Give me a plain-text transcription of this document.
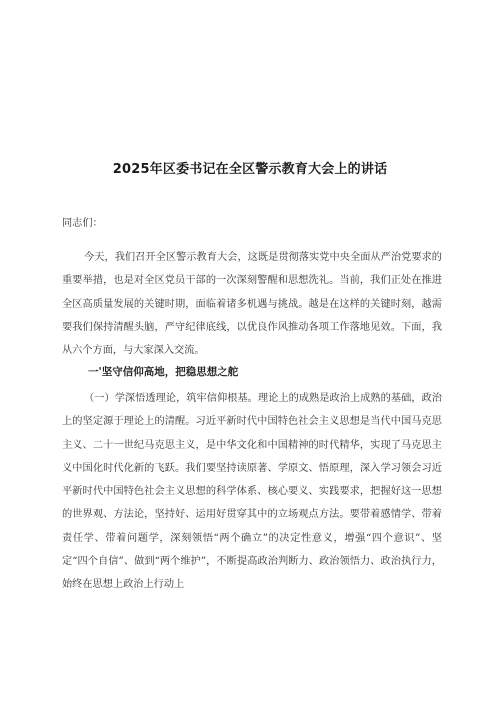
2025年区委书记在全区警示教育大会上的讲话
同志们：
今天，我们召开全区警示教育大会，这既是贯彻落实党中央全面从严治党要求的重要举措，也是对全区党员干部的一次深刻警醒和思想洗礼。当前，我们正处在推进全区高质量发展的关键时期，面临着诸多机遇与挑战。越是在这样的关键时刻，越需要我们保持清醒头脑，严守纪律底线，以优良作风推动各项工作落地见效。下面，我从六个方面，与大家深入交流。
一'坚守信仰高地，把稳思想之舵
（一）学深悟透理论，筑牢信仰根基。理论上的成熟是政治上成熟的基础，政治上的坚定源于理论上的清醒。习近平新时代中国特色社会主义思想是当代中国马克思主义、二十一世纪马克思主义，是中华文化和中国精神的时代精华，实现了马克思主义中国化时代化新的飞跃。我们要坚持读原著、学原文、悟原理，深入学习领会习近平新时代中国特色社会主义思想的科学体系、核心要义、实践要求，把握好这一思想的世界观、方法论，坚持好、运用好贯穿其中的立场观点方法。要带着感情学、带着责任学、带着问题学，深刻领悟“两个确立”的决定性意义，增强“四个意识”、坚定“四个自信”、做到“两个维护”，不断提高政治判断力、政治领悟力、政治执行力，始终在思想上政治上行动上
